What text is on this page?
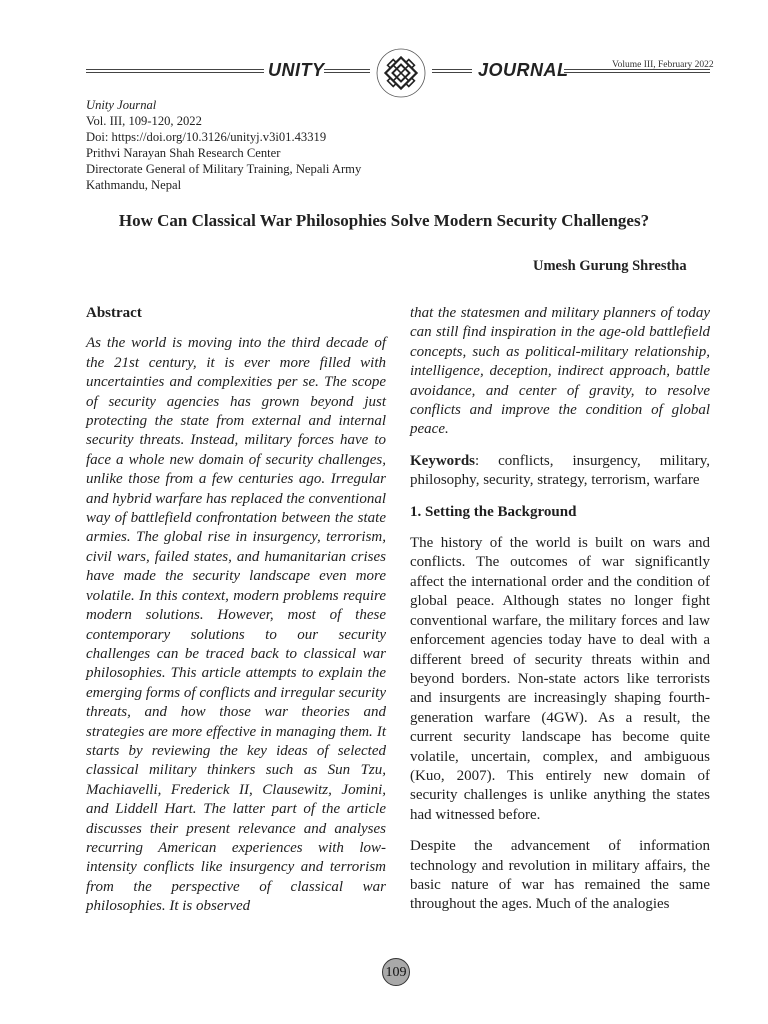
UNITY	JOURNAL	Volume III, February 2022
Unity Journal
Vol. III, 109-120, 2022
Doi: https://doi.org/10.3126/unityj.v3i01.43319
Prithvi Narayan Shah Research Center
Directorate General of Military Training, Nepali Army
Kathmandu, Nepal
How Can Classical War Philosophies Solve Modern Security Challenges?
Umesh Gurung Shrestha

Abstract

As the world is moving into the third decade of the 21st century, it is ever more filled with uncertainties and complexities per se. The scope of security agencies has grown beyond just protecting the state from external and internal security threats. Instead, military forces have to face a whole new domain of security challenges, unlike those from a few centuries ago. Irregular and hybrid warfare has replaced the conventional way of battlefield confrontation between the state armies. The global rise in insurgency, terrorism, civil wars, failed states, and humanitarian crises have made the security landscape even more volatile. In this context, modern problems require modern solutions. However, most of these contemporary solutions to our security challenges can be traced back to classical war philosophies. This article attempts to explain the emerging forms of conflicts and irregular security threats, and how those war theories and strategies are more effective in managing them. It starts by reviewing the key ideas of selected classical military thinkers such as Sun Tzu, Machiavelli, Frederick II, Clausewitz, Jomini, and Liddell Hart. The latter part of the article discusses their present relevance and analyses recurring American experiences with low-intensity conflicts like insurgency and terrorism from the perspective of classical war philosophies. It is observed

that the statesmen and military planners of today can still find inspiration in the age-old battlefield concepts, such as political-military relationship, intelligence, deception, indirect approach, battle avoidance, and center of gravity, to resolve conflicts and improve the condition of global peace.

Keywords: conflicts, insurgency, military, philosophy, security, strategy, terrorism, warfare

1. Setting the Background

The history of the world is built on wars and conflicts. The outcomes of war significantly affect the international order and the condition of global peace. Although states no longer fight conventional warfare, the military forces and law enforcement agencies today have to deal with a different breed of security threats within and beyond borders. Non-state actors like terrorists and insurgents are increasingly shaping fourth-generation warfare (4GW). As a result, the current security landscape has become quite volatile, uncertain, complex, and ambiguous (Kuo, 2007). This entirely new domain of security challenges is unlike anything the states had witnessed before.

Despite the advancement of information technology and revolution in military affairs, the basic nature of war has remained the same throughout the ages. Much of the analogies

109
